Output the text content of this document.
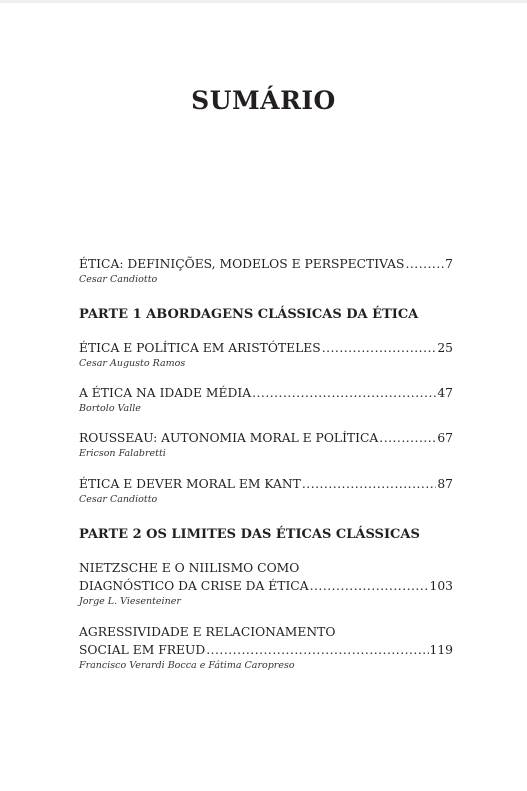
SUMÁRIO
ÉTICA: DEFINIÇÕES, MODELOS E PERSPECTIVAS .....	7
Cesar Candiotto
PARTE 1 ABORDAGENS CLÁSSICAS DA ÉTICA
ÉTICA E POLÍTICA EM ARISTÓTELES .....	25
Cesar Augusto Ramos
A ÉTICA NA IDADE MÉDIA .....	47
Bortolo Valle
ROUSSEAU: AUTONOMIA MORAL E POLÍTICA .....	67
Ericson Falabretti
ÉTICA E DEVER MORAL EM KANT .....	87
Cesar Candiotto
PARTE 2 OS LIMITES DAS ÉTICAS CLÁSSICAS
NIETZSCHE E O NIILISMO COMO
DIAGNÓSTICO DA CRISE DA ÉTICA .....	103
Jorge L. Viesenteiner
AGRESSIVIDADE E RELACIONAMENTO
SOCIAL EM FREUD .....	119
Francisco Verardi Bocca e Fátima Caropreso
